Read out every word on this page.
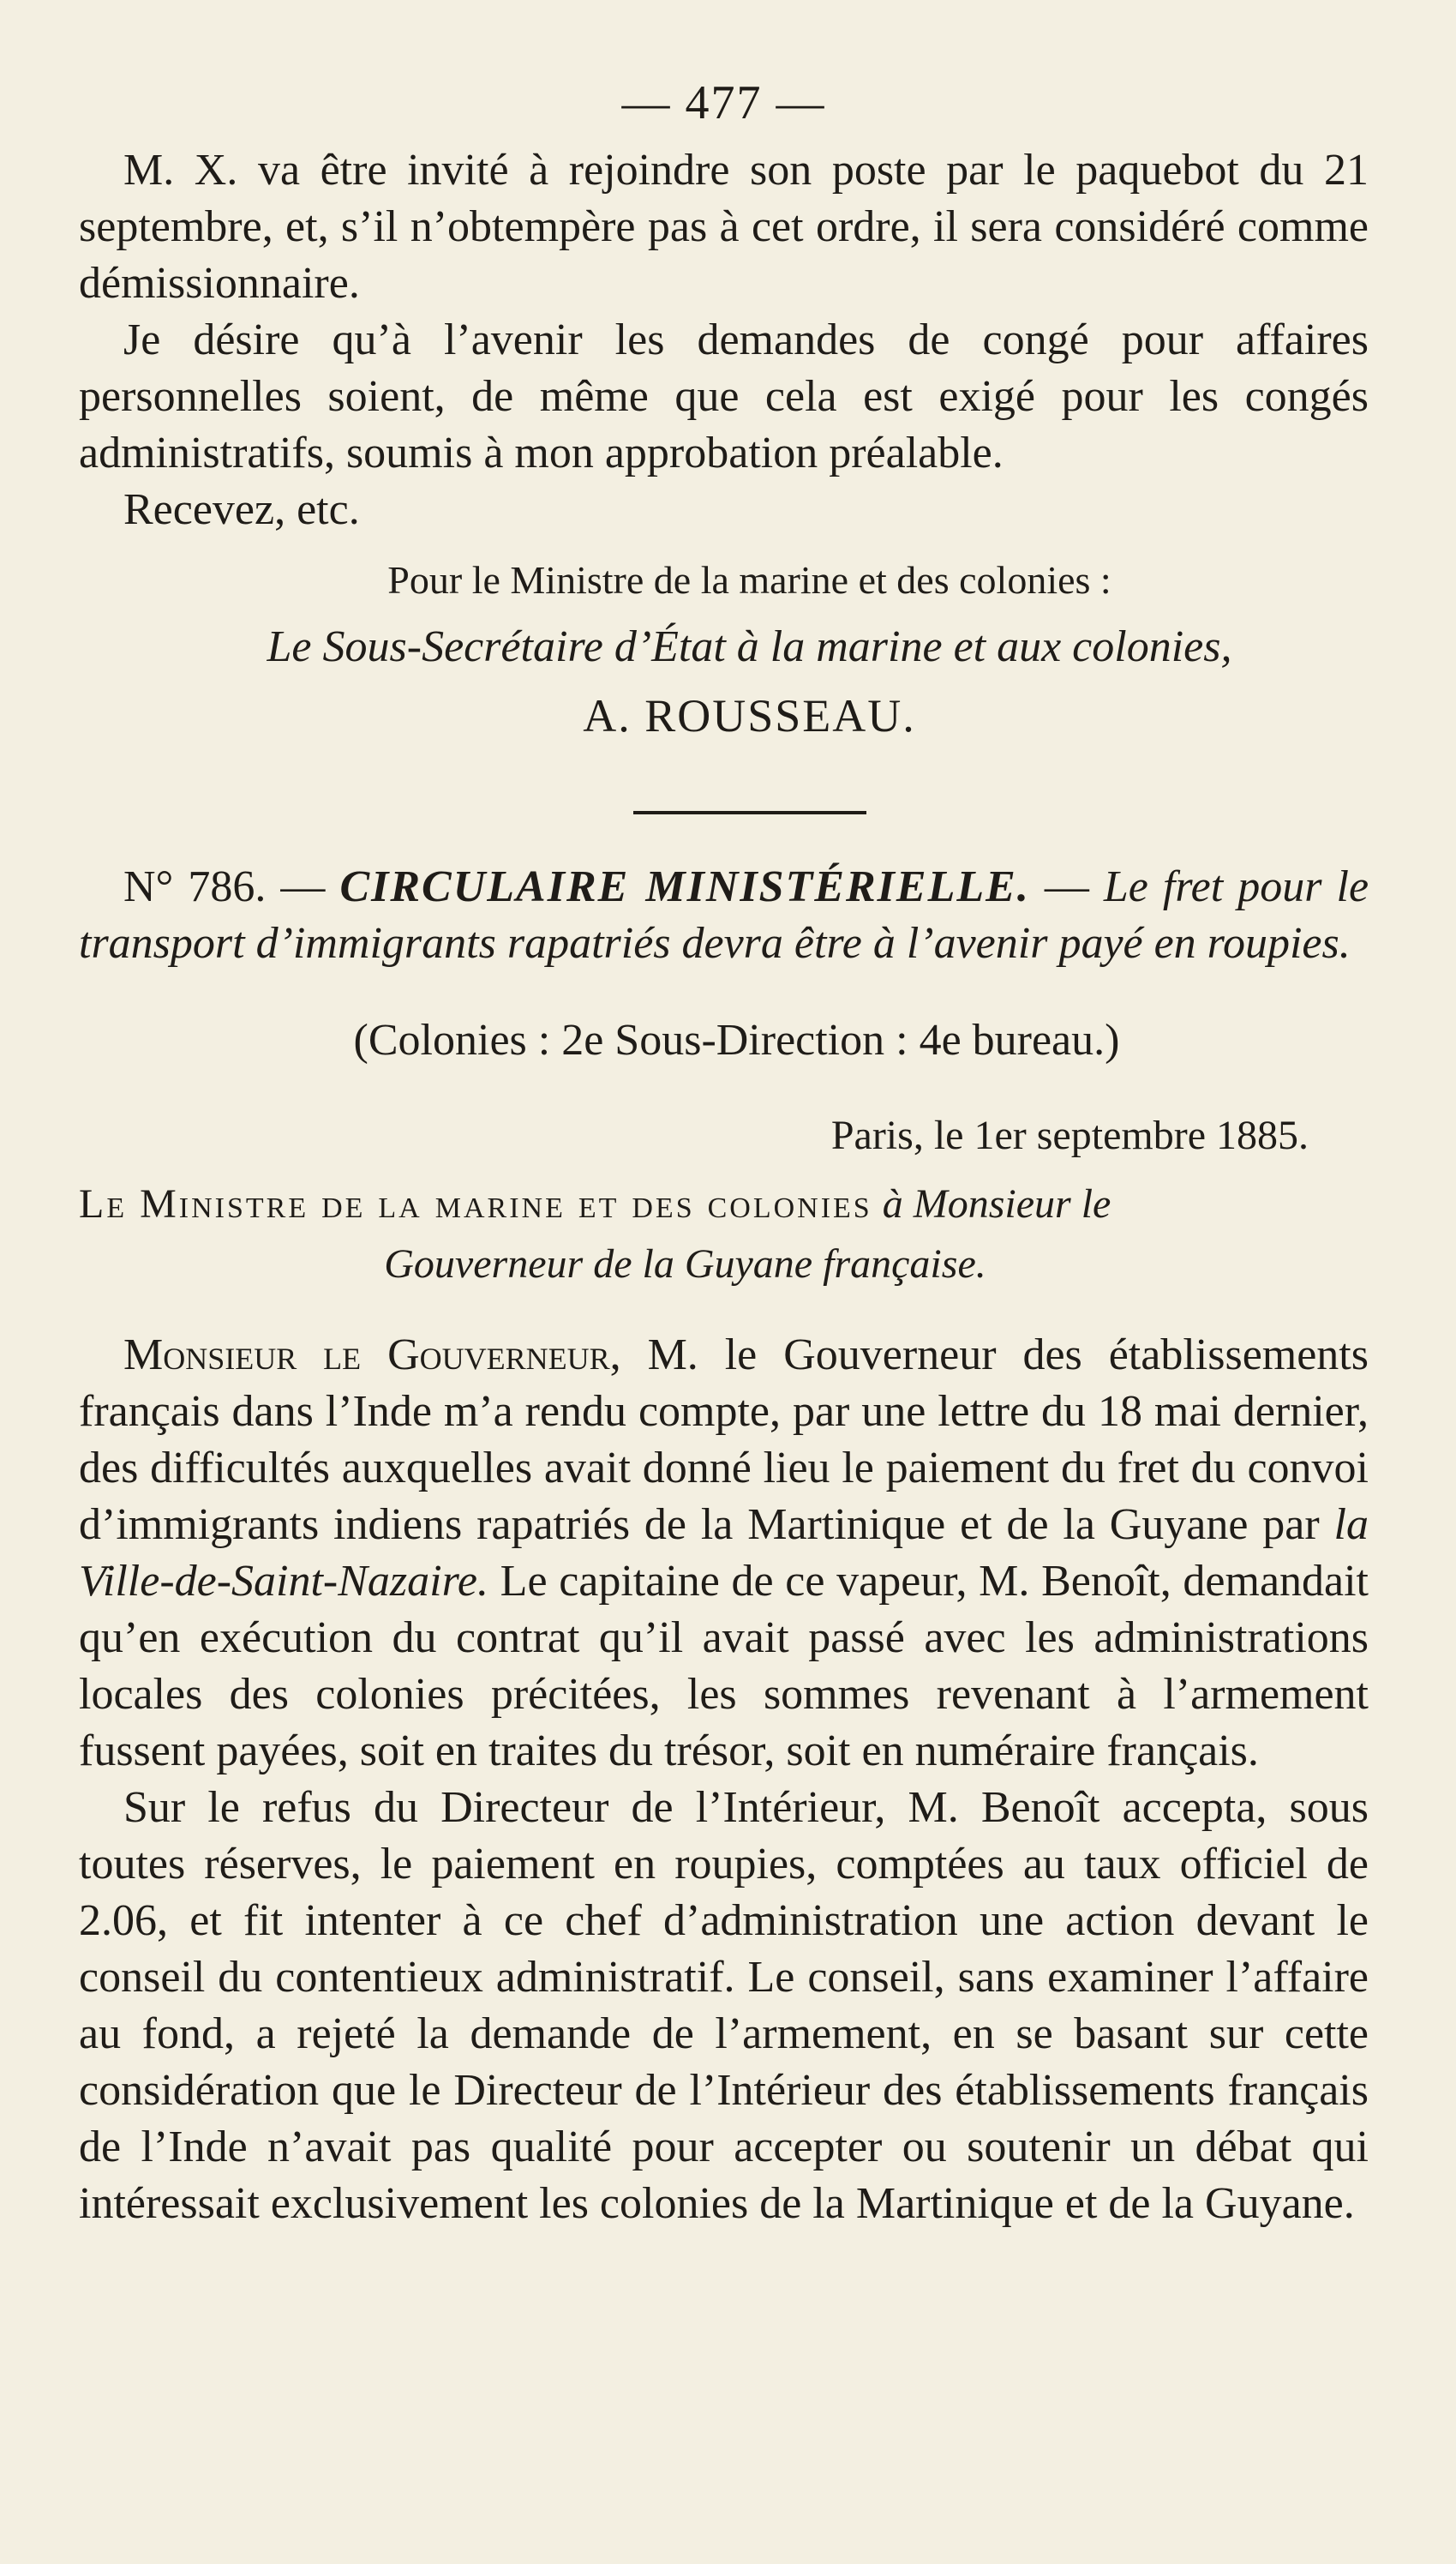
— 477 —

M. X. va être invité à rejoindre son poste par le paquebot du 21 septembre, et, s’il n’obtempère pas à cet ordre, il sera considéré comme démissionnaire.

Je désire qu’à l’avenir les demandes de congé pour affaires personnelles soient, de même que cela est exigé pour les congés administratifs, soumis à mon approbation préalable.

Recevez, etc.

Pour le Ministre de la marine et des colonies :
Le Sous-Secrétaire d’État à la marine et aux colonies,
A. ROUSSEAU.

N° 786. — CIRCULAIRE MINISTÉRIELLE. — Le fret pour le transport d’immigrants rapatriés devra être à l’avenir payé en roupies.

(Colonies : 2e Sous-Direction : 4e bureau.)
Paris, le 1er septembre 1885.
Le Ministre de la marine et des colonies à Monsieur le
Gouverneur de la Guyane française.

Monsieur le Gouverneur, M. le Gouverneur des établissements français dans l’Inde m’a rendu compte, par une lettre du 18 mai dernier, des difficultés auxquelles avait donné lieu le paiement du fret du convoi d’immigrants indiens rapatriés de la Martinique et de la Guyane par la Ville-de-Saint-Nazaire. Le capitaine de ce vapeur, M. Benoît, demandait qu’en exécution du contrat qu’il avait passé avec les administrations locales des colonies précitées, les sommes revenant à l’armement fussent payées, soit en traites du trésor, soit en numéraire français.

Sur le refus du Directeur de l’Intérieur, M. Benoît accepta, sous toutes réserves, le paiement en roupies, comptées au taux officiel de 2.06, et fit intenter à ce chef d’administration une action devant le conseil du contentieux administratif. Le conseil, sans examiner l’affaire au fond, a rejeté la demande de l’armement, en se basant sur cette considération que le Directeur de l’Intérieur des établissements français de l’Inde n’avait pas qualité pour accepter ou soutenir un débat qui intéressait exclusivement les colonies de la Martinique et de la Guyane.
